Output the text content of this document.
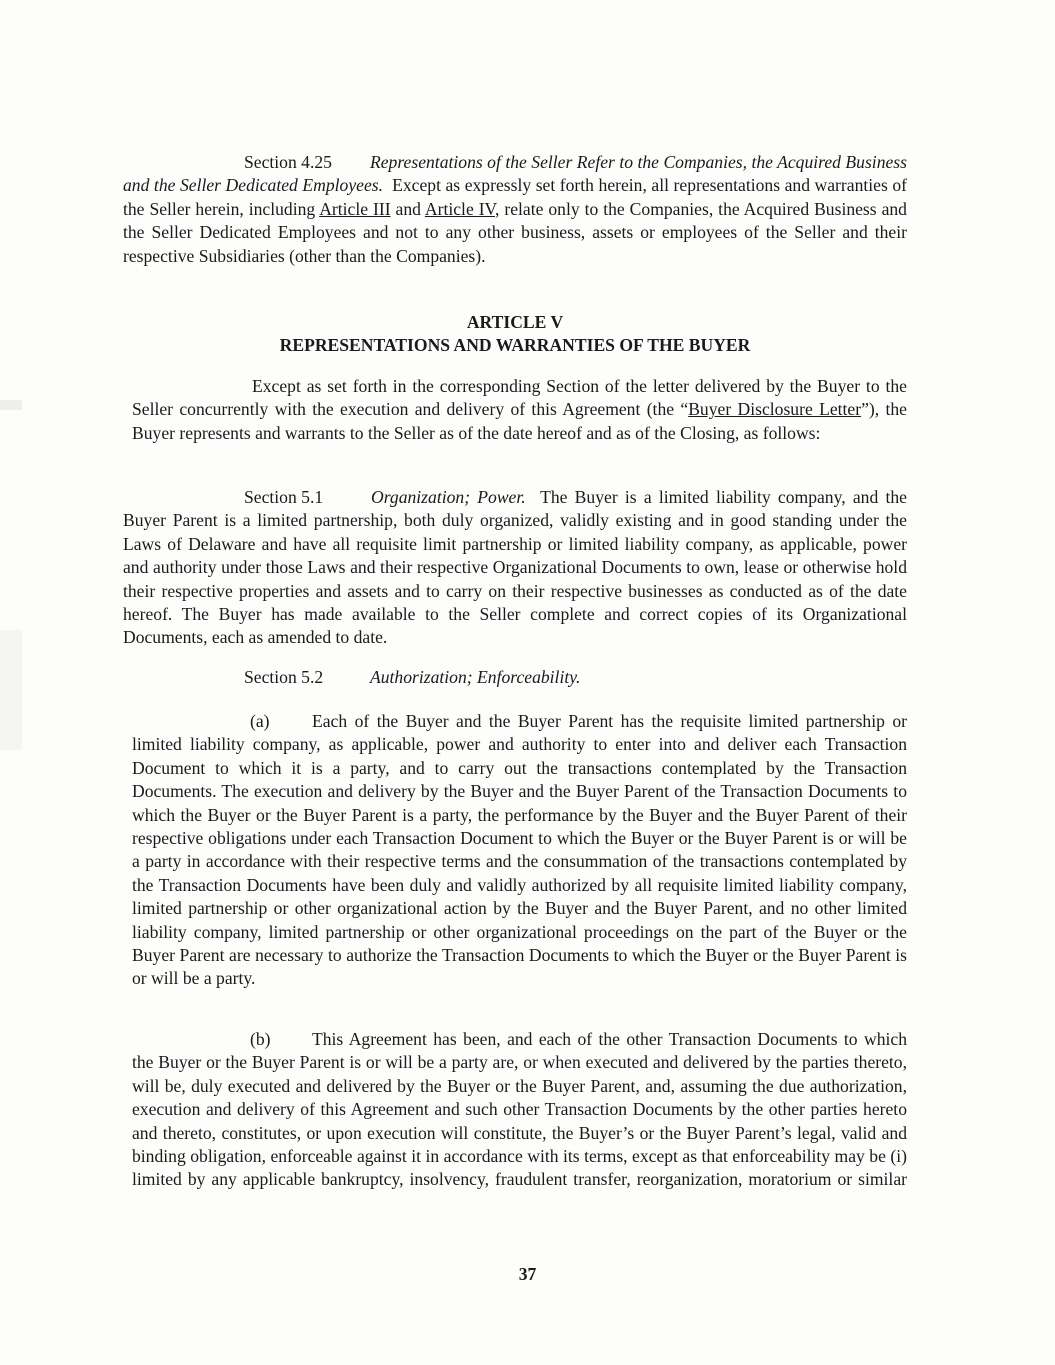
Section 4.25 Representations of the Seller Refer to the Companies, the Acquired Business and the Seller Dedicated Employees. Except as expressly set forth herein, all representations and warranties of the Seller herein, including Article III and Article IV, relate only to the Companies, the Acquired Business and the Seller Dedicated Employees and not to any other business, assets or employees of the Seller and their respective Subsidiaries (other than the Companies).

ARTICLE V
REPRESENTATIONS AND WARRANTIES OF THE BUYER

Except as set forth in the corresponding Section of the letter delivered by the Buyer to the Seller concurrently with the execution and delivery of this Agreement (the “Buyer Disclosure Letter”), the Buyer represents and warrants to the Seller as of the date hereof and as of the Closing, as follows:

Section 5.1	Organization; Power. The Buyer is a limited liability company, and the Buyer Parent is a limited partnership, both duly organized, validly existing and in good standing under the Laws of Delaware and have all requisite limit partnership or limited liability company, as applicable, power and authority under those Laws and their respective Organizational Documents to own, lease or otherwise hold their respective properties and assets and to carry on their respective businesses as conducted as of the date hereof. The Buyer has made available to the Seller complete and correct copies of its Organizational Documents, each as amended to date.

Section 5.2	Authorization; Enforceability.

(a) Each of the Buyer and the Buyer Parent has the requisite limited partnership or limited liability company, as applicable, power and authority to enter into and deliver each Transaction Document to which it is a party, and to carry out the transactions contemplated by the Transaction Documents. The execution and delivery by the Buyer and the Buyer Parent of the Transaction Documents to which the Buyer or the Buyer Parent is a party, the performance by the Buyer and the Buyer Parent of their respective obligations under each Transaction Document to which the Buyer or the Buyer Parent is or will be a party in accordance with their respective terms and the consummation of the transactions contemplated by the Transaction Documents have been duly and validly authorized by all requisite limited liability company, limited partnership or other organizational action by the Buyer and the Buyer Parent, and no other limited liability company, limited partnership or other organizational proceedings on the part of the Buyer or the Buyer Parent are necessary to authorize the Transaction Documents to which the Buyer or the Buyer Parent is or will be a party.

(b) This Agreement has been, and each of the other Transaction Documents to which the Buyer or the Buyer Parent is or will be a party are, or when executed and delivered by the parties thereto, will be, duly executed and delivered by the Buyer or the Buyer Parent, and, assuming the due authorization, execution and delivery of this Agreement and such other Transaction Documents by the other parties hereto and thereto, constitutes, or upon execution will constitute, the Buyer’s or the Buyer Parent’s legal, valid and binding obligation, enforceable against it in accordance with its terms, except as that enforceability may be (i) limited by any applicable bankruptcy, insolvency, fraudulent transfer, reorganization, moratorium or similar

37
